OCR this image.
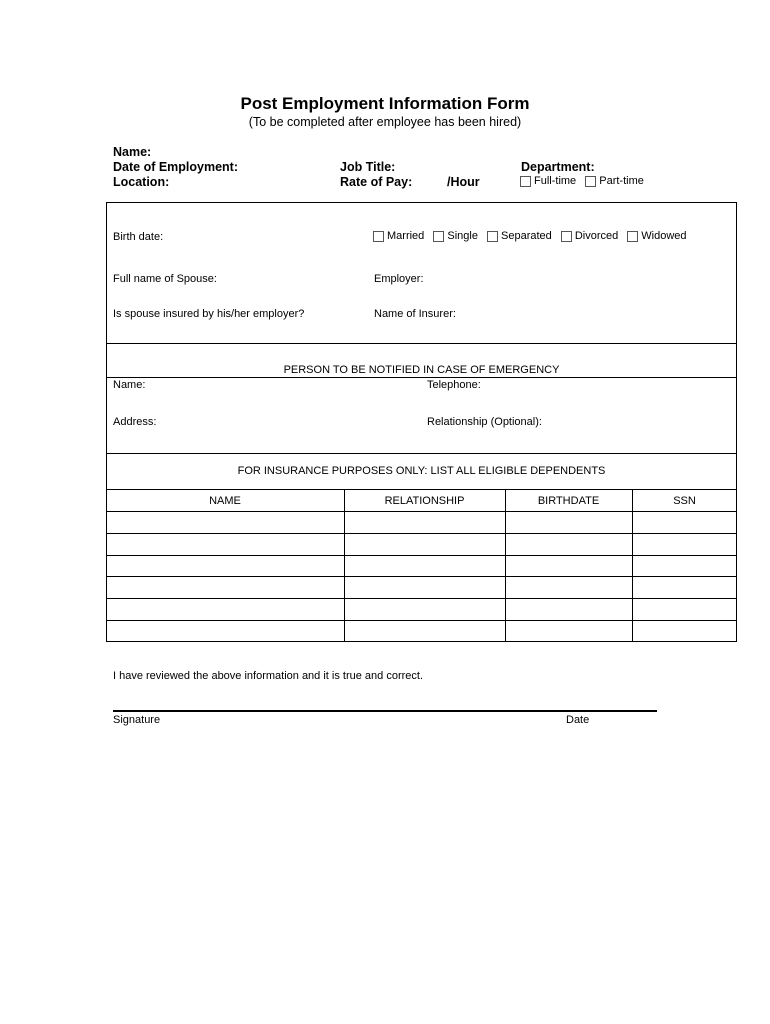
Post Employment Information Form
(To be completed after employee has been hired)
Name:
Date of Employment:
Location:
Job Title:
Rate of Pay:	/Hour
Department:
Full-time
Part-time
Birth date:	Married
Single
Separated
Divorced
Widowed
Full name of Spouse:	Employer:
Is spouse insured by his/her employer?	Name of Insurer:
PERSON TO BE NOTIFIED IN CASE OF EMERGENCY
Name:	Telephone:
Address:	Relationship (Optional):
FOR INSURANCE PURPOSES ONLY: LIST ALL ELIGIBLE DEPENDENTS
NAME	RELATIONSHIP	BIRTHDATE	SSN
I have reviewed the above information and it is true and correct.
Signature	Date
